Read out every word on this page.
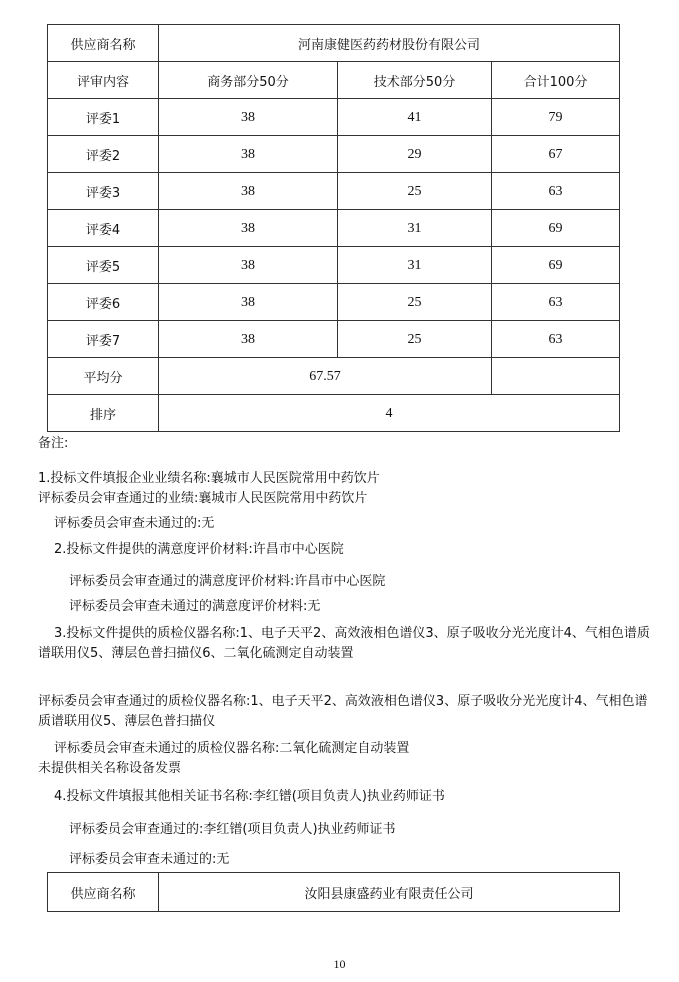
供应商名称	河南康健医药药材股份有限公司		
评审内容	商务部分50分	技术部分50分	合计100分
评委1	38	41	79
评委2	38	29	67
评委3	38	25	63
评委4	38	31	69
评委5	38	31	69
评委6	38	25	63
评委7	38	25	63
平均分	67.57		
排序	4		
备注:
1.投标文件填报企业业绩名称:襄城市人民医院常用中药饮片
评标委员会审查通过的业绩:襄城市人民医院常用中药饮片
评标委员会审查未通过的:无
2.投标文件提供的满意度评价材料:许昌市中心医院
评标委员会审查通过的满意度评价材料:许昌市中心医院
评标委员会审查未通过的满意度评价材料:无
3.投标文件提供的质检仪器名称:1、电子天平2、高效液相色谱仪3、原子吸收分光光度计4、气相色谱质谱联用仪5、薄层色普扫描仪6、二氧化硫测定自动装置
评标委员会审查通过的质检仪器名称:1、电子天平2、高效液相色谱仪3、原子吸收分光光度计4、气相色谱质谱联用仪5、薄层色普扫描仪
评标委员会审查未通过的质检仪器名称:二氧化硫测定自动装置
未提供相关名称设备发票
4.投标文件填报其他相关证书名称:李红镨(项目负责人)执业药师证书
评标委员会审查通过的:李红镨(项目负责人)执业药师证书
评标委员会审查未通过的:无
供应商名称	汝阳县康盛药业有限责任公司
10
